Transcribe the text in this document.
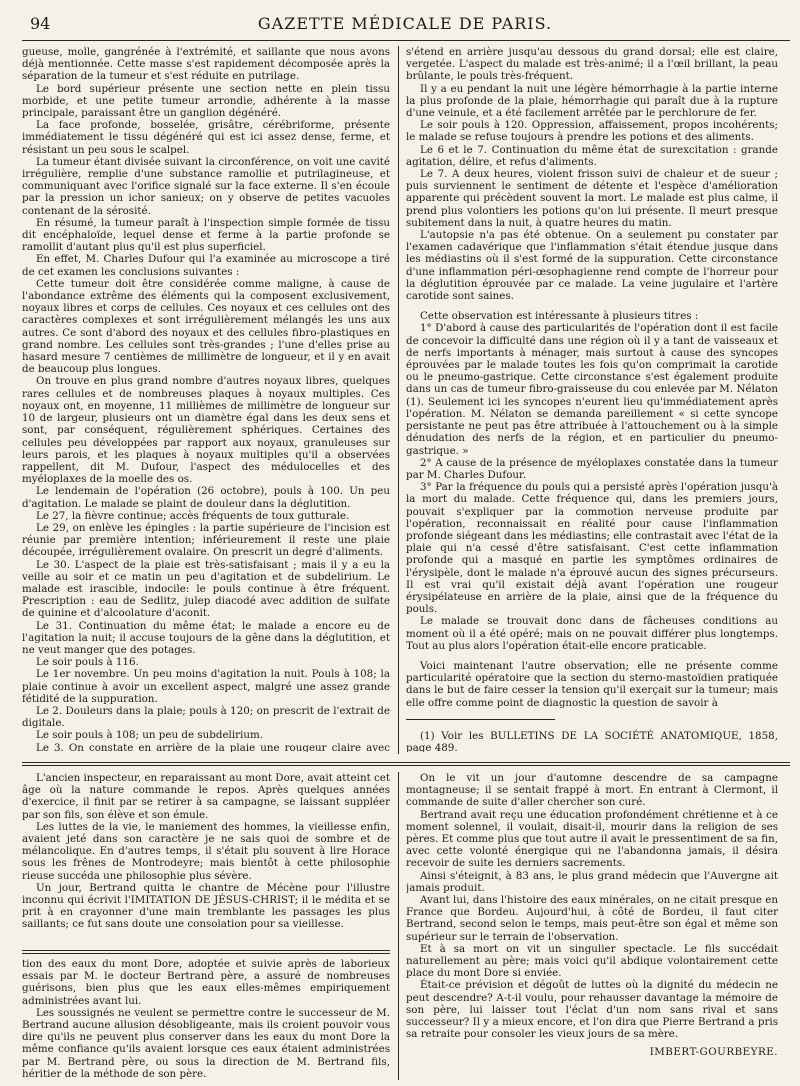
94	GAZETTE MÉDICALE DE PARIS.

gueuse, molle, gangrénée à l'extrémité, et saillante que nous avons déjà mentionnée. Cette masse s'est rapidement décomposée après la séparation de la tumeur et s'est réduite en putrilage.

Le bord supérieur présente une section nette en plein tissu morbide, et une petite tumeur arrondie, adhérente à la masse principale, paraissant être un ganglion dégénéré.

La face profonde, bosselée, grisâtre, cérébriforme, présente immédiatement le tissu dégénéré qui est ici assez dense, ferme, et résistant un peu sous le scalpel.

La tumeur étant divisée suivant la circonférence, on voit une cavité irrégulière, remplie d'une substance ramollie et putrilagineuse, et communiquant avec l'orifice signalé sur la face externe. Il s'en écoule par la pression un ichor sanieux; on y observe de petites vacuoles contenant de la sérosité.

En résumé, la tumeur paraît à l'inspection simple formée de tissu dit encéphaloïde, lequel dense et ferme à la partie profonde se ramollit d'autant plus qu'il est plus superficiel.

En effet, M. Charles Dufour qui l'a examinée au microscope a tiré de cet examen les conclusions suivantes :

Cette tumeur doit être considérée comme maligne, à cause de l'abondance extrême des éléments qui la composent exclusivement, noyaux libres et corps de cellules. Ces noyaux et ces cellules ont des caractères complexes et sont irrégulièrement mélangés les uns aux autres. Ce sont d'abord des noyaux et des cellules fibro-plastiques en grand nombre. Les cellules sont très-grandes ; l'une d'elles prise au hasard mesure 7 centièmes de millimètre de longueur, et il y en avait de beaucoup plus longues.

On trouve en plus grand nombre d'autres noyaux libres, quelques rares cellules et de nombreuses plaques à noyaux multiples. Ces noyaux ont, en moyenne, 11 millièmes de millimètre de longueur sur 10 de largeur, plusieurs ont un diamètre égal dans les deux sens et sont, par conséquent, régulièrement sphériques. Certaines des cellules peu développées par rapport aux noyaux, granuleuses sur leurs parois, et les plaques à noyaux multiples qu'il a observées rappellent, dit M. Dufour, l'aspect des médulocelles et des myéloplaxes de la moelle des os.

Le lendemain de l'opération (26 octobre), pouls à 100. Un peu d'agitation. Le malade se plaint de douleur dans la déglutition.

Le 27, la fièvre continue; accès fréquents de toux gutturale.

Le 29, on enlève les épingles : la partie supérieure de l'incision est réunie par première intention; inférieurement il reste une plaie découpée, irrégulièrement ovalaire. On prescrit un degré d'aliments.

Le 30. L'aspect de la plaie est très-satisfaisant ; mais il y a eu la veille au soir et ce matin un peu d'agitation et de subdelirium. Le malade est irascible, indocile: le pouls continue à être fréquent. Prescription : eau de Sedlitz, julep diacodé avec addition de sulfate de quinine et d'alcoolature d'aconit.

Le 31. Continuation du même état; le malade a encore eu de l'agitation la nuit; il accuse toujours de la gêne dans la déglutition, et ne veut manger que des potages.

Le soir pouls à 116.

Le 1er novembre. Un peu moins d'agitation la nuit. Pouls à 108; la plaie continue à avoir un excellent aspect, malgré une assez grande fétidité de la suppuration.

Le 2. Douleurs dans la plaie; pouls à 120; on prescrit de l'extrait de digitale.

Le soir pouls à 108; un peu de subdelirium.

Le 3. On constate en arrière de la plaie une rougeur claire avec

s'étend en arrière jusqu'au dessous du grand dorsal; elle est claire, vergetée. L'aspect du malade est très-animé; il a l'œil brillant, la peau brûlante, le pouls très-fréquent.

Il y a eu pendant la nuit une légère hémorrhagie à la partie interne la plus profonde de la plaie, hémorrhagie qui paraît due à la rupture d'une veinule, et a été facilement arrêtée par le perchlorure de fer.

Le soir pouls à 120. Oppression, affaissement, propos incohérents; le malade se refuse toujours à prendre les potions et des aliments.

Le 6 et le 7. Continuation du même état de surexcitation : grande agitation, délire, et refus d'aliments.

Le 7. A deux heures, violent frisson suivi de chaleur et de sueur ; puis surviennent le sentiment de détente et l'espèce d'amélioration apparente qui précèdent souvent la mort. Le malade est plus calme, il prend plus volontiers les potions qu'on lui présente. Il meurt presque subitement dans la nuit, à quatre heures du matin.

L'autopsie n'a pas été obtenue. On a seulement pu constater par l'examen cadavérique que l'inflammation s'était étendue jusque dans les médiastins où il s'est formé de la suppuration. Cette circonstance d'une inflammation péri-œsophagienne rend compte de l'horreur pour la déglutition éprouvée par ce malade. La veine jugulaire et l'artère carotide sont saines.

Cette observation est intéressante à plusieurs titres :

1° D'abord à cause des particularités de l'opération dont il est facile de concevoir la difficulté dans une région où il y a tant de vaisseaux et de nerfs importants à ménager, mais surtout à cause des syncopes éprouvées par le malade toutes les fois qu'on comprimait la carotide ou le pneumo-gastrique. Cette circonstance s'est également produite dans un cas de tumeur fibro-graisseuse du cou enlevée par M. Nélaton (1). Seulement ici les syncopes n'eurent lieu qu'immédiatement après l'opération. M. Nélaton se demanda pareillement « si cette syncope persistante ne peut pas être attribuée à l'attouchement ou à la simple dénudation des nerfs de la région, et en particulier du pneumo-gastrique. »

2° A cause de la présence de myéloplaxes constatée dans la tumeur par M. Charles Dufour.

3° Par la fréquence du pouls qui a persisté après l'opération jusqu'à la mort du malade. Cette fréquence qui, dans les premiers jours, pouvait s'expliquer par la commotion nerveuse produite par l'opération, reconnaissait en réalité pour cause l'inflammation profonde siégeant dans les médiastins; elle contrastait avec l'état de la plaie qui n'a cessé d'être satisfaisant. C'est cette inflammation profonde qui a masqué en partie les symptômes ordinaires de l'érysipèle, dont le malade n'a éprouvé aucun des signes précurseurs. Il est vrai qu'il existait déjà avant l'opération une rougeur érysipélateuse en arrière de la plaie, ainsi que de la fréquence du pouls.

Le malade se trouvait donc dans de fâcheuses conditions au moment où il a été opéré; mais on ne pouvait différer plus longtemps. Tout au plus alors l'opération était-elle encore praticable.

Voici maintenant l'autre observation; elle ne présente comme particularité opératoire que la section du sterno-mastoïdien pratiquée dans le but de faire cesser la tension qu'il exerçait sur la tumeur; mais elle offre comme point de diagnostic la question de savoir à

(1) Voir les BULLETINS DE LA SOCIÉTÉ ANATOMIQUE, 1858, page 489.

L'ancien inspecteur, en reparaissant au mont Dore, avait atteint cet âge où la nature commande le repos. Après quelques années d'exercice, il finit par se retirer à sa campagne, se laissant suppléer par son fils, son élève et son émule.

Les luttes de la vie, le maniement des hommes, la vieillesse enfin, avaient jeté dans son caractère je ne sais quoi de sombre et de mélancolique. En d'autres temps, il s'était plu souvent à lire Horace sous les frênes de Montrodeyre; mais bientôt à cette philosophie rieuse succéda une philosophie plus sévère.

Un jour, Bertrand quitta le chantre de Mécène pour l'illustre inconnu qui écrivit l'IMITATION DE JÉSUS-CHRIST; il le médita et se prit à en crayonner d'une main tremblante les passages les plus saillants; ce fut sans doute une consolation pour sa vieillesse.

tion des eaux du mont Dore, adoptée et suivie après de laborieux essais par M. le docteur Bertrand père, a assuré de nombreuses guérisons, bien plus que les eaux elles-mêmes empiriquement administrées avant lui.

Les soussignés ne veulent se permettre contre le successeur de M. Bertrand aucune allusion désobligeante, mais ils croient pouvoir vous dire qu'ils ne peuvent plus conserver dans les eaux du mont Dore la même confiance qu'ils avaient lorsque ces eaux étaient administrées par M. Bertrand père, ou sous la direction de M. Bertrand fils, héritier de la méthode de son père.

On le vit un jour d'automne descendre de sa campagne montagneuse; il se sentait frappé à mort. En entrant à Clermont, il commande de suite d'aller chercher son curé.

Bertrand avait reçu une éducation profondément chrétienne et à ce moment solennel, il voulait, disait-il, mourir dans la religion de ses pères. Et comme plus que tout autre il avait le pressentiment de sa fin, avec cette volonté énergique qui ne l'abandonna jamais, il désira recevoir de suite les derniers sacrements.

Ainsi s'éteignit, à 83 ans, le plus grand médecin que l'Auvergne ait jamais produit.

Avant lui, dans l'histoire des eaux minérales, on ne citait presque en France que Bordeu. Aujourd'hui, à côté de Bordeu, il faut citer Bertrand, second selon le temps, mais peut-être son égal et même son supérieur sur le terrain de l'observation.

Et à sa mort on vit un singulier spectacle. Le fils succédait naturellement au père; mais voici qu'il abdique volontairement cette place du mont Dore si enviée.

Était-ce prévision et dégoût de luttes où la dignité du médecin ne peut descendre? A-t-il voulu, pour rehausser davantage la mémoire de son père, lui laisser tout l'éclat d'un nom sans rival et sans successeur? Il y a mieux encore, et l'on dira que Pierre Bertrand a pris sa retraite pour consoler les vieux jours de sa mère.

IMBERT-GOURBEYRE.
